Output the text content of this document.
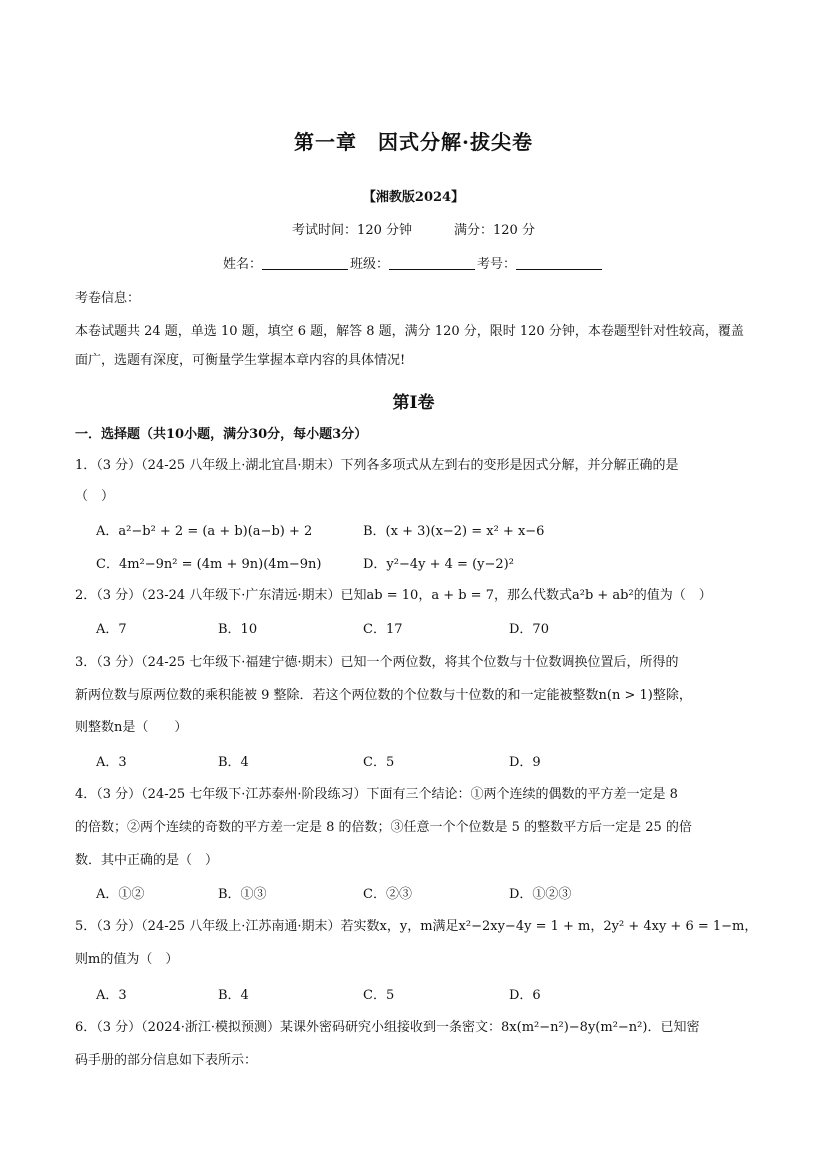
第一章　因式分解·拔尖卷
【湘教版2024】
考试时间：120 分钟	满分：120 分
姓名：	班级：	考号：
考卷信息：
本卷试题共 24 题，单选 10 题，填空 6 题，解答 8 题，满分 120 分，限时 120 分钟，本卷题型针对性较高，覆盖
面广，选题有深度，可衡量学生掌握本章内容的具体情况!
第Ⅰ卷
一．选择题（共10小题，满分30分，每小题3分）
1．（3 分）（24-25 八年级上·湖北宜昌·期末）下列各多项式从左到右的变形是因式分解，并分解正确的是
（　）
A．a²−b² + 2 = (a + b)(a−b) + 2	B．(x + 3)(x−2) = x² + x−6
C．4m²−9n² = (4m + 9n)(4m−9n)	D．y²−4y + 4 = (y−2)²
2．（3 分）（23-24 八年级下·广东清远·期末）已知ab = 10，a + b = 7，那么代数式a²b + ab²的值为（　）
A．7	B．10	C．17	D．70
3．（3 分）（24-25 七年级下·福建宁德·期末）已知一个两位数，将其个位数与十位数调换位置后，所得的
新两位数与原两位数的乘积能被 9 整除．若这个两位数的个位数与十位数的和一定能被整数n(n > 1)整除，
则整数n是（　　）
A．3	B．4	C．5	D．9
4．（3 分）（24-25 七年级下·江苏泰州·阶段练习）下面有三个结论：①两个连续的偶数的平方差一定是 8
的倍数；②两个连续的奇数的平方差一定是 8 的倍数；③任意一个个位数是 5 的整数平方后一定是 25 的倍
数．其中正确的是（　）
A．①②	B．①③	C．②③	D．①②③
5．（3 分）（24-25 八年级上·江苏南通·期末）若实数x，y，m满足x²−2xy−4y = 1 + m，2y² + 4xy + 6 = 1−m，
则m的值为（　）
A．3	B．4	C．5	D．6
6．（3 分）（2024·浙江·模拟预测）某课外密码研究小组接收到一条密文：8x(m²−n²)−8y(m²−n²)．已知密
码手册的部分信息如下表所示：
